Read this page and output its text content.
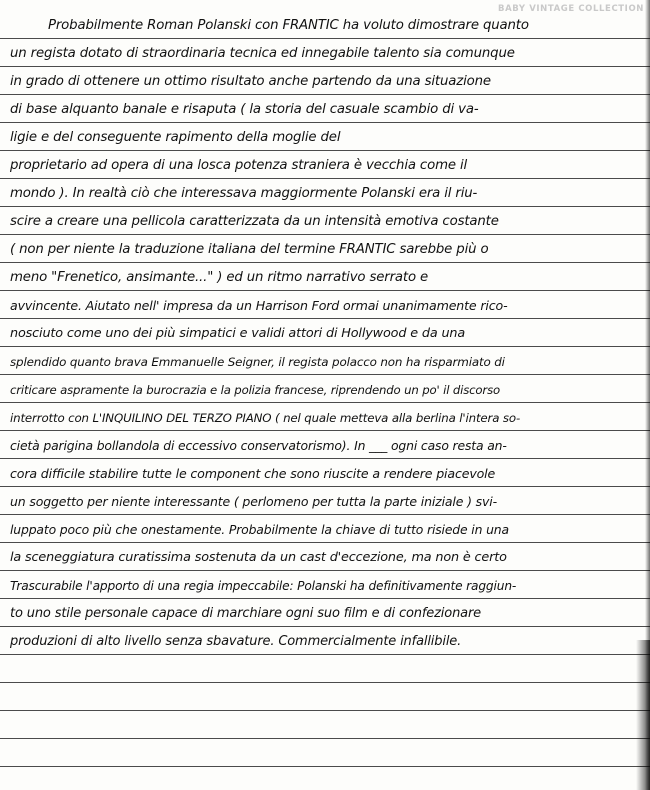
Probabilmente Roman Polanski con FRANTIC ha voluto dimostrare quanto
un regista dotato di straordinaria tecnica ed innegabile talento sia comunque
in grado di ottenere un ottimo risultato anche partendo da una situazione
di base alquanto banale e risaputa ( la storia del casuale scambio di va-
ligie e del conseguente rapimento della moglie del
proprietario ad opera di una losca potenza straniera è vecchia come il
mondo ). In realtà ciò che interessava maggiormente Polanski era il riu-
scire a creare una pellicola caratterizzata da un intensità emotiva costante
( non per niente la traduzione italiana del termine FRANTIC sarebbe più o
meno "Frenetico, ansimante..." ) ed un ritmo narrativo serrato e
avvincente. Aiutato nell' impresa da un Harrison Ford ormai unanimamente rico-
nosciuto come uno dei più simpatici e validi attori di Hollywood e da una
splendido quanto brava Emmanuelle Seigner, il regista polacco non ha risparmiato di
criticare aspramente la burocrazia e la polizia francese, riprendendo un po' il discorso
interrotto con L'INQUILINO DEL TERZO PIANO ( nel quale metteva alla berlina l'intera so-
cietà parigina bollandola di eccessivo conservatorismo). In ___ ogni caso resta an-
cora difficile stabilire tutte le component che sono riuscite a rendere piacevole
un soggetto per niente interessante ( perlomeno per tutta la parte iniziale ) svi-
luppato poco più che onestamente. Probabilmente la chiave di tutto risiede in una
la sceneggiatura curatissima sostenuta da un cast d'eccezione, ma non è certo
Trascurabile l'apporto di una regia impeccabile: Polanski ha definitivamente raggiun-
to uno stile personale capace di marchiare ogni suo film e di confezionare
produzioni di alto livello senza sbavature. Commercialmente infallibile.
BABY VINTAGE COLLECTION
